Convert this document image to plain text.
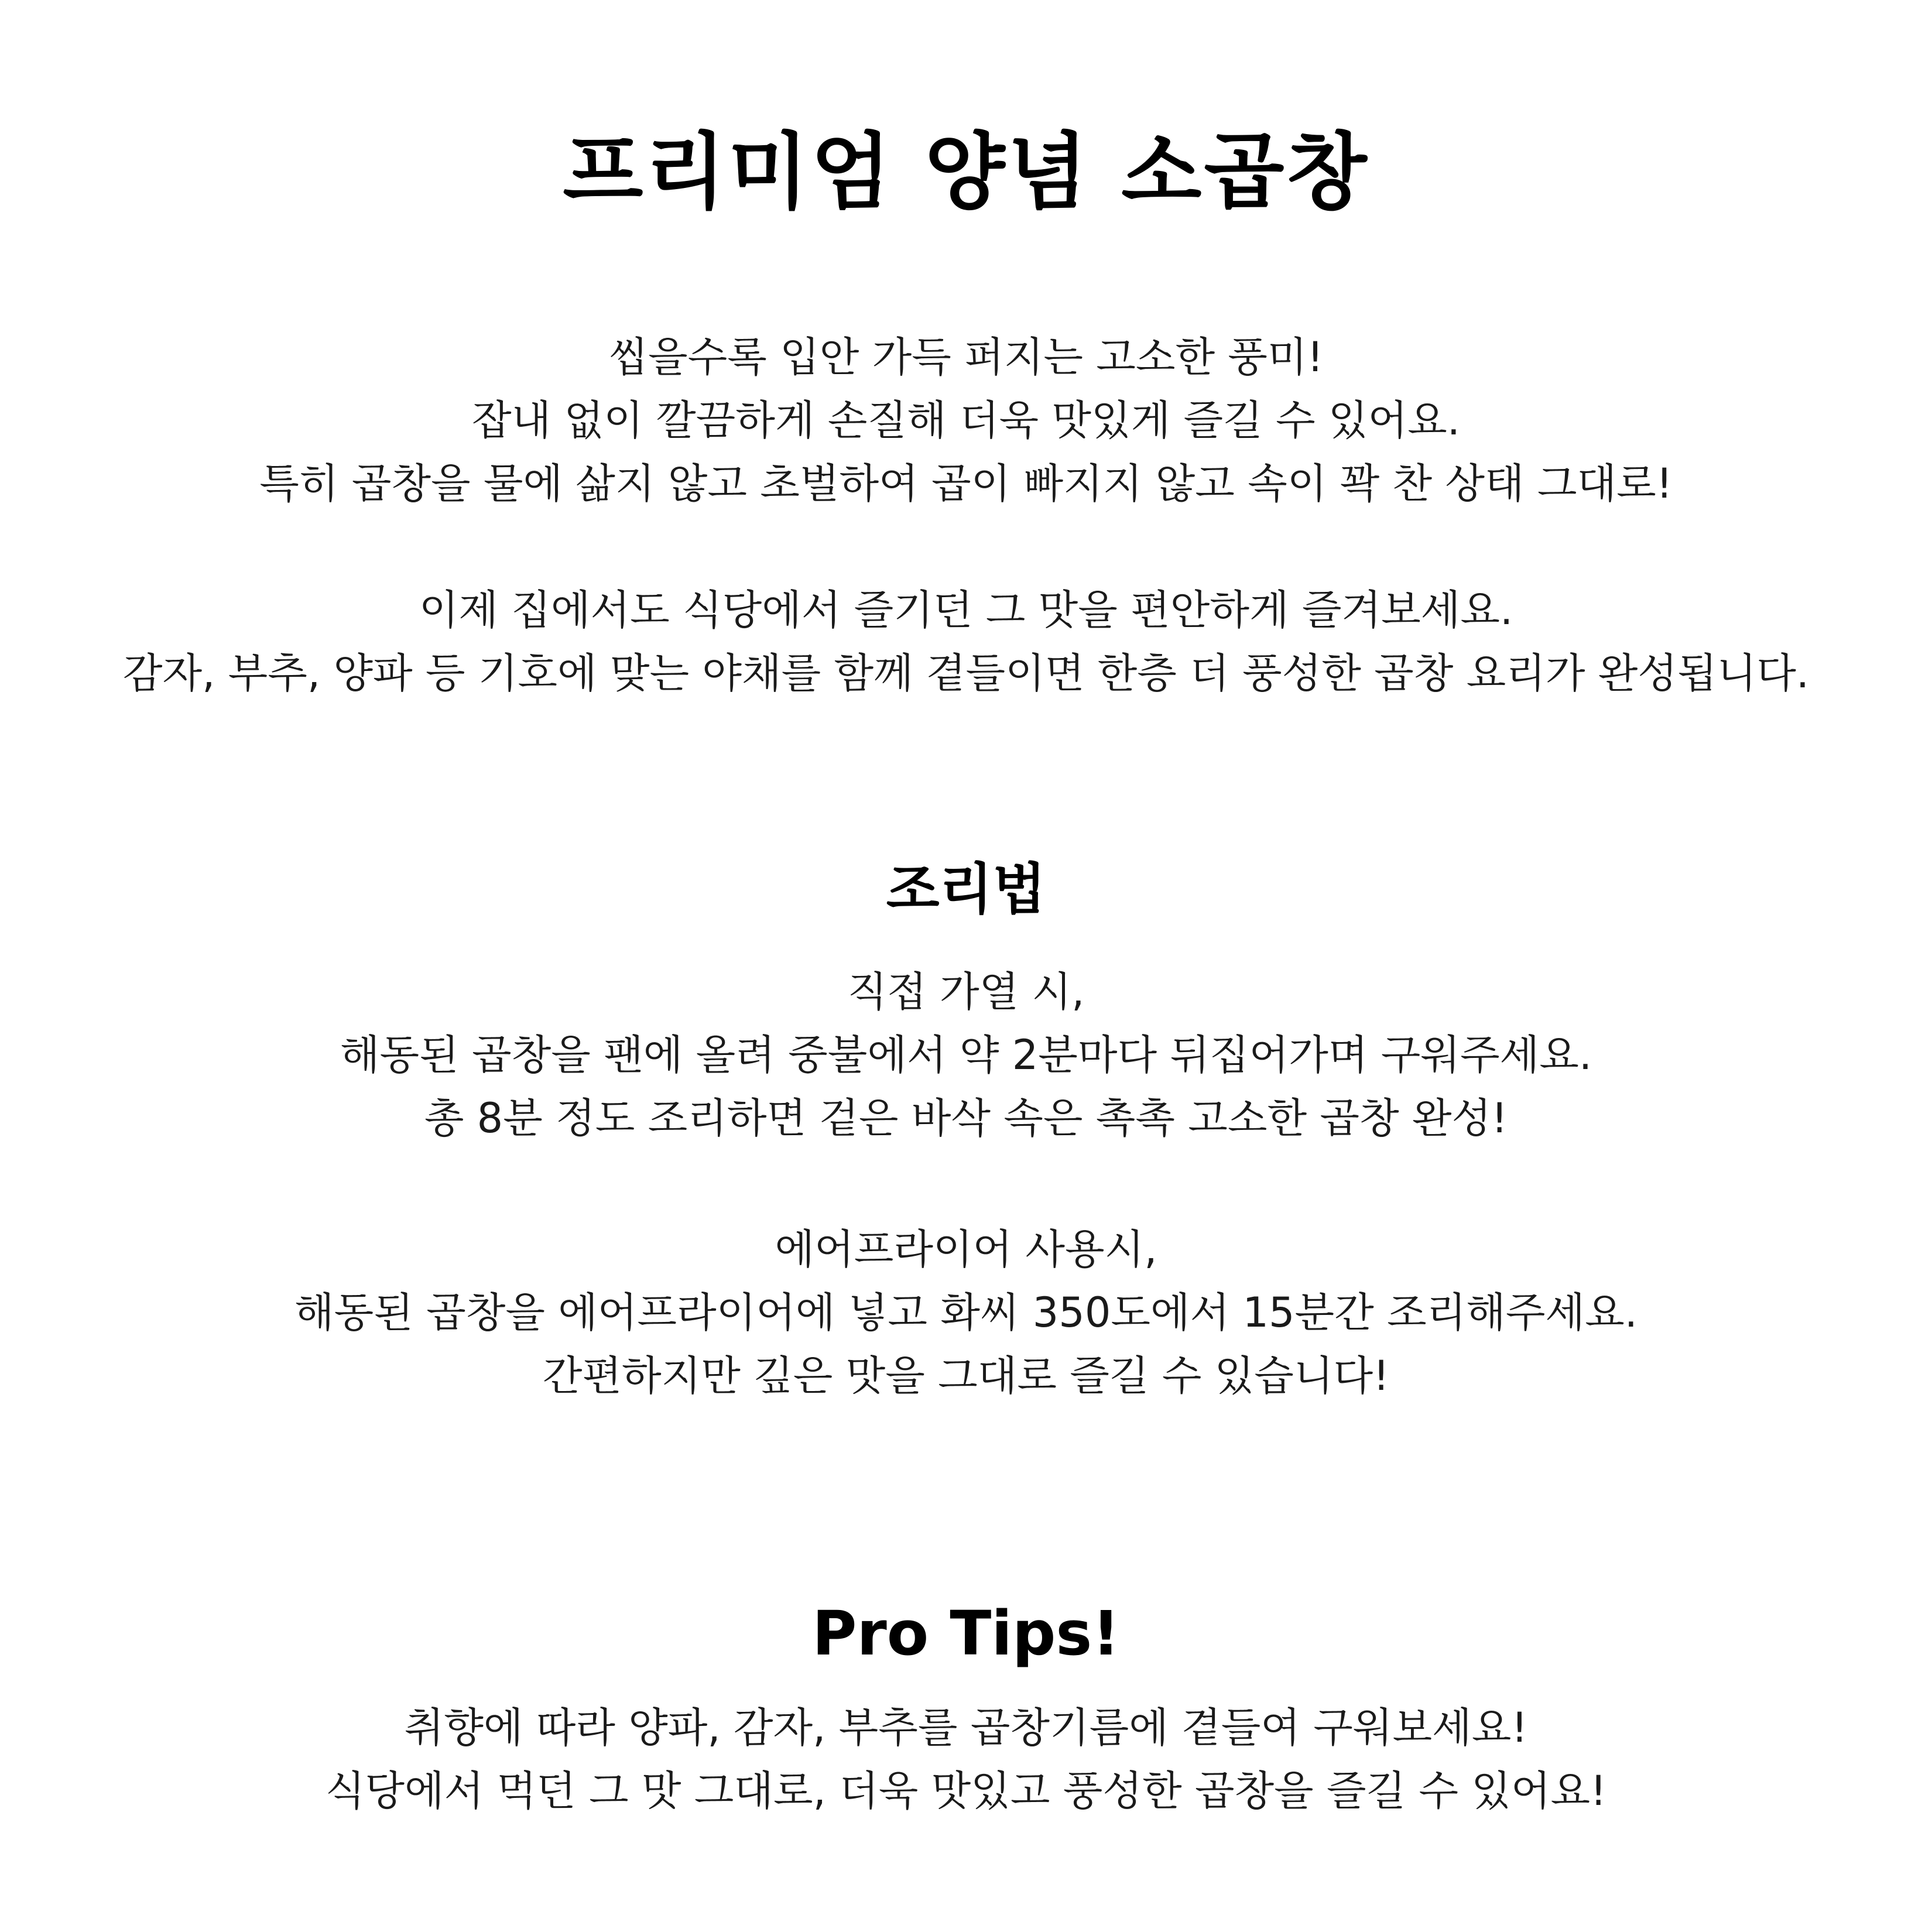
프리미엄 양념 소곱창
씹을수록 입안 가득 퍼지는 고소한 풍미!
잡내 없이 깔끔하게 손질해 더욱 맛있게 즐길 수 있어요.
특히 곱창을 물에 삶지 않고 초벌하여 곱이 빠지지 않고 속이 꽉 찬 상태 그대로!
이제 집에서도 식당에서 즐기던 그 맛을 편안하게 즐겨보세요.
감자, 부추, 양파 등 기호에 맞는 야채를 함께 곁들이면 한층 더 풍성한 곱창 요리가 완성됩니다.
조리법
직접 가열 시,
해동된 곱창을 팬에 올려 중불에서 약 2분마다 뒤집어가며 구워주세요.
총 8분 정도 조리하면 겉은 바삭 속은 촉촉 고소한 곱창 완성!
에어프라이어 사용시,
해동된 곱창을 에어프라이어에 넣고 화씨 350도에서 15분간 조리해주세요.
간편하지만 깊은 맛을 그대로 즐길 수 있습니다!
Pro Tips!
취향에 따라 양파, 감자, 부추를 곱창기름에 곁들여 구워보세요!
식당에서 먹던 그 맛 그대로, 더욱 맛있고 풍성한 곱창을 즐길 수 있어요!
